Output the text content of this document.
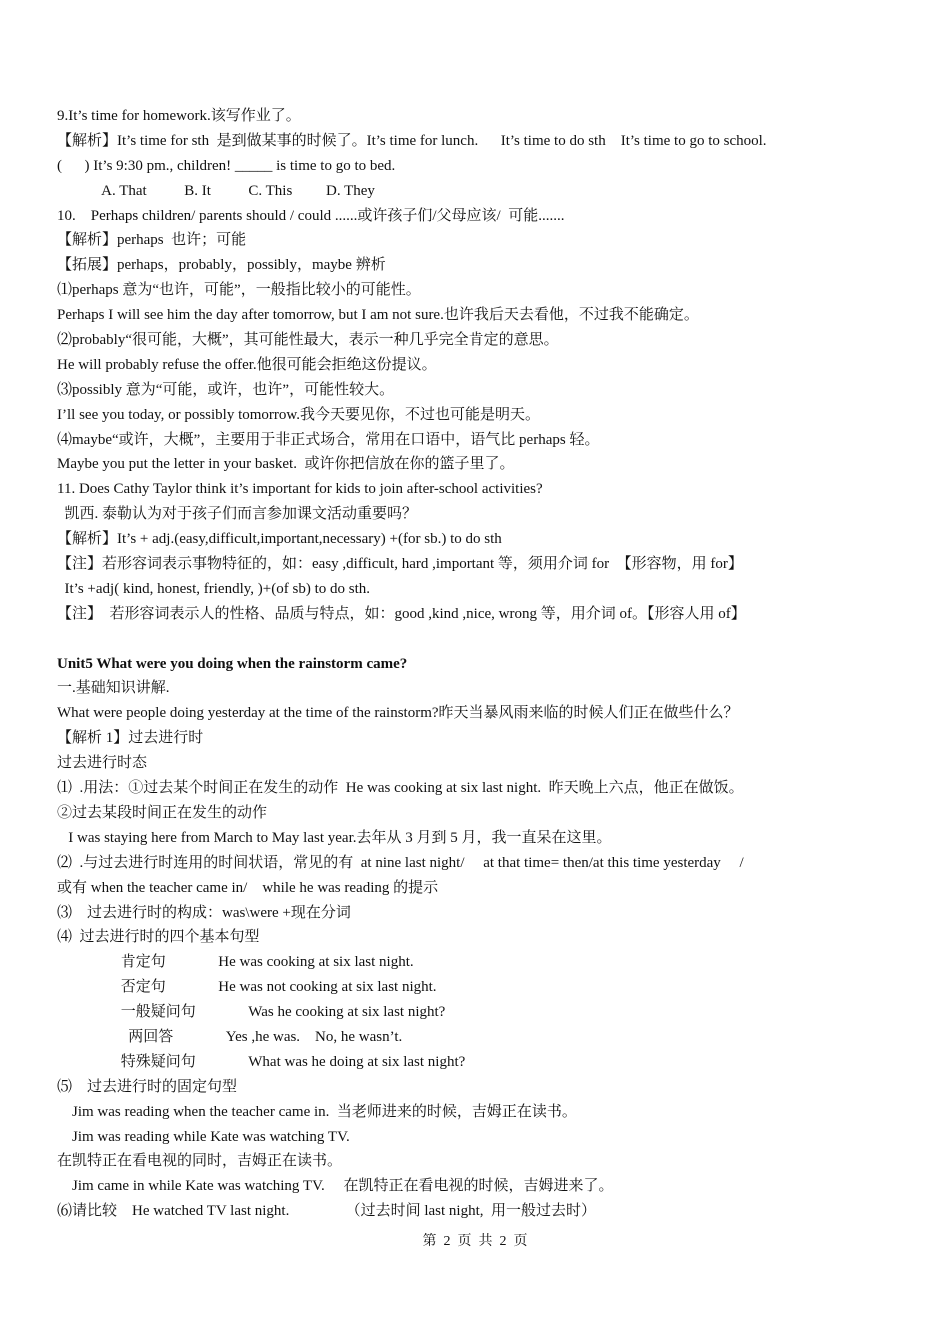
9.It’s time for homework.该写作业了。
【解析】It’s time for sth  是到做某事的时候了。It’s time for lunch.      It’s time to do sth    It’s time to go to school.
(      ) It’s 9:30 pm., children! _____ is time to go to bed.
A. That          B. It          C. This         D. They
10.    Perhaps children/ parents should / could ......或许孩子们/父母应该/  可能.......
【解析】perhaps  也许；可能
【拓展】perhaps，probably，possibly，maybe 辨析
⑴perhaps 意为“也许，可能”，一般指比较小的可能性。
Perhaps I will see him the day after tomorrow, but I am not sure.也许我后天去看他，不过我不能确定。
⑵probably“很可能，大概”，其可能性最大，表示一种几乎完全肯定的意思。
He will probably refuse the offer.他很可能会拒绝这份提议。
⑶possibly 意为“可能，或许，也许”，可能性较大。
I’ll see you today, or possibly tomorrow.我今天要见你，不过也可能是明天。
⑷maybe“或许，大概”，主要用于非正式场合，常用在口语中，语气比 perhaps 轻。
Maybe you put the letter in your basket.  或许你把信放在你的篮子里了。
11. Does Cathy Taylor think it’s important for kids to join after-school activities?
凯西. 泰勒认为对于孩子们而言参加课文活动重要吗？
【解析】It’s + adj.(easy,difficult,important,necessary) +(for sb.) to do sth
【注】若形容词表示事物特征的，如：easy ,difficult, hard ,important 等，须用介词 for  【形容物，用 for】
It’s +adj( kind, honest, friendly, )+(of sb) to do sth.
【注】  若形容词表示人的性格、品质与特点，如：good ,kind ,nice, wrong 等，用介词 of。【形容人用 of】
Unit5 What were you doing when the rainstorm came?
一.基础知识讲解.
What were people doing yesterday at the time of the rainstorm?昨天当暴风雨来临的时候人们正在做些什么？
【解析 1】过去进行时
过去进行时态
⑴  .用法：①过去某个时间正在发生的动作  He was cooking at six last night.  昨天晚上六点，他正在做饭。
②过去某段时间正在发生的动作
I was staying here from March to May last year.去年从 3 月到 5 月，我一直呆在这里。
⑵  .与过去进行时连用的时间状语，常见的有  at nine last night/     at that time= then/at this time yesterday     /
或有 when the teacher came in/    while he was reading 的提示
⑶    过去进行时的构成：was\were +现在分词
⑷  过去进行时的四个基本句型
肯定句              He was cooking at six last night.
否定句              He was not cooking at six last night.
一般疑问句              Was he cooking at six last night?
两回答              Yes ,he was.    No, he wasn’t.
特殊疑问句              What was he doing at six last night?
⑸    过去进行时的固定句型
Jim was reading when the teacher came in.  当老师进来的时候，吉姆正在读书。
Jim was reading while Kate was watching TV.
在凯特正在看电视的同时，吉姆正在读书。
Jim came in while Kate was watching TV.     在凯特正在看电视的时候，吉姆进来了。
⑹请比较    He watched TV last night.               （过去时间 last night,  用一般过去时）
第  2  页  共  2  页
